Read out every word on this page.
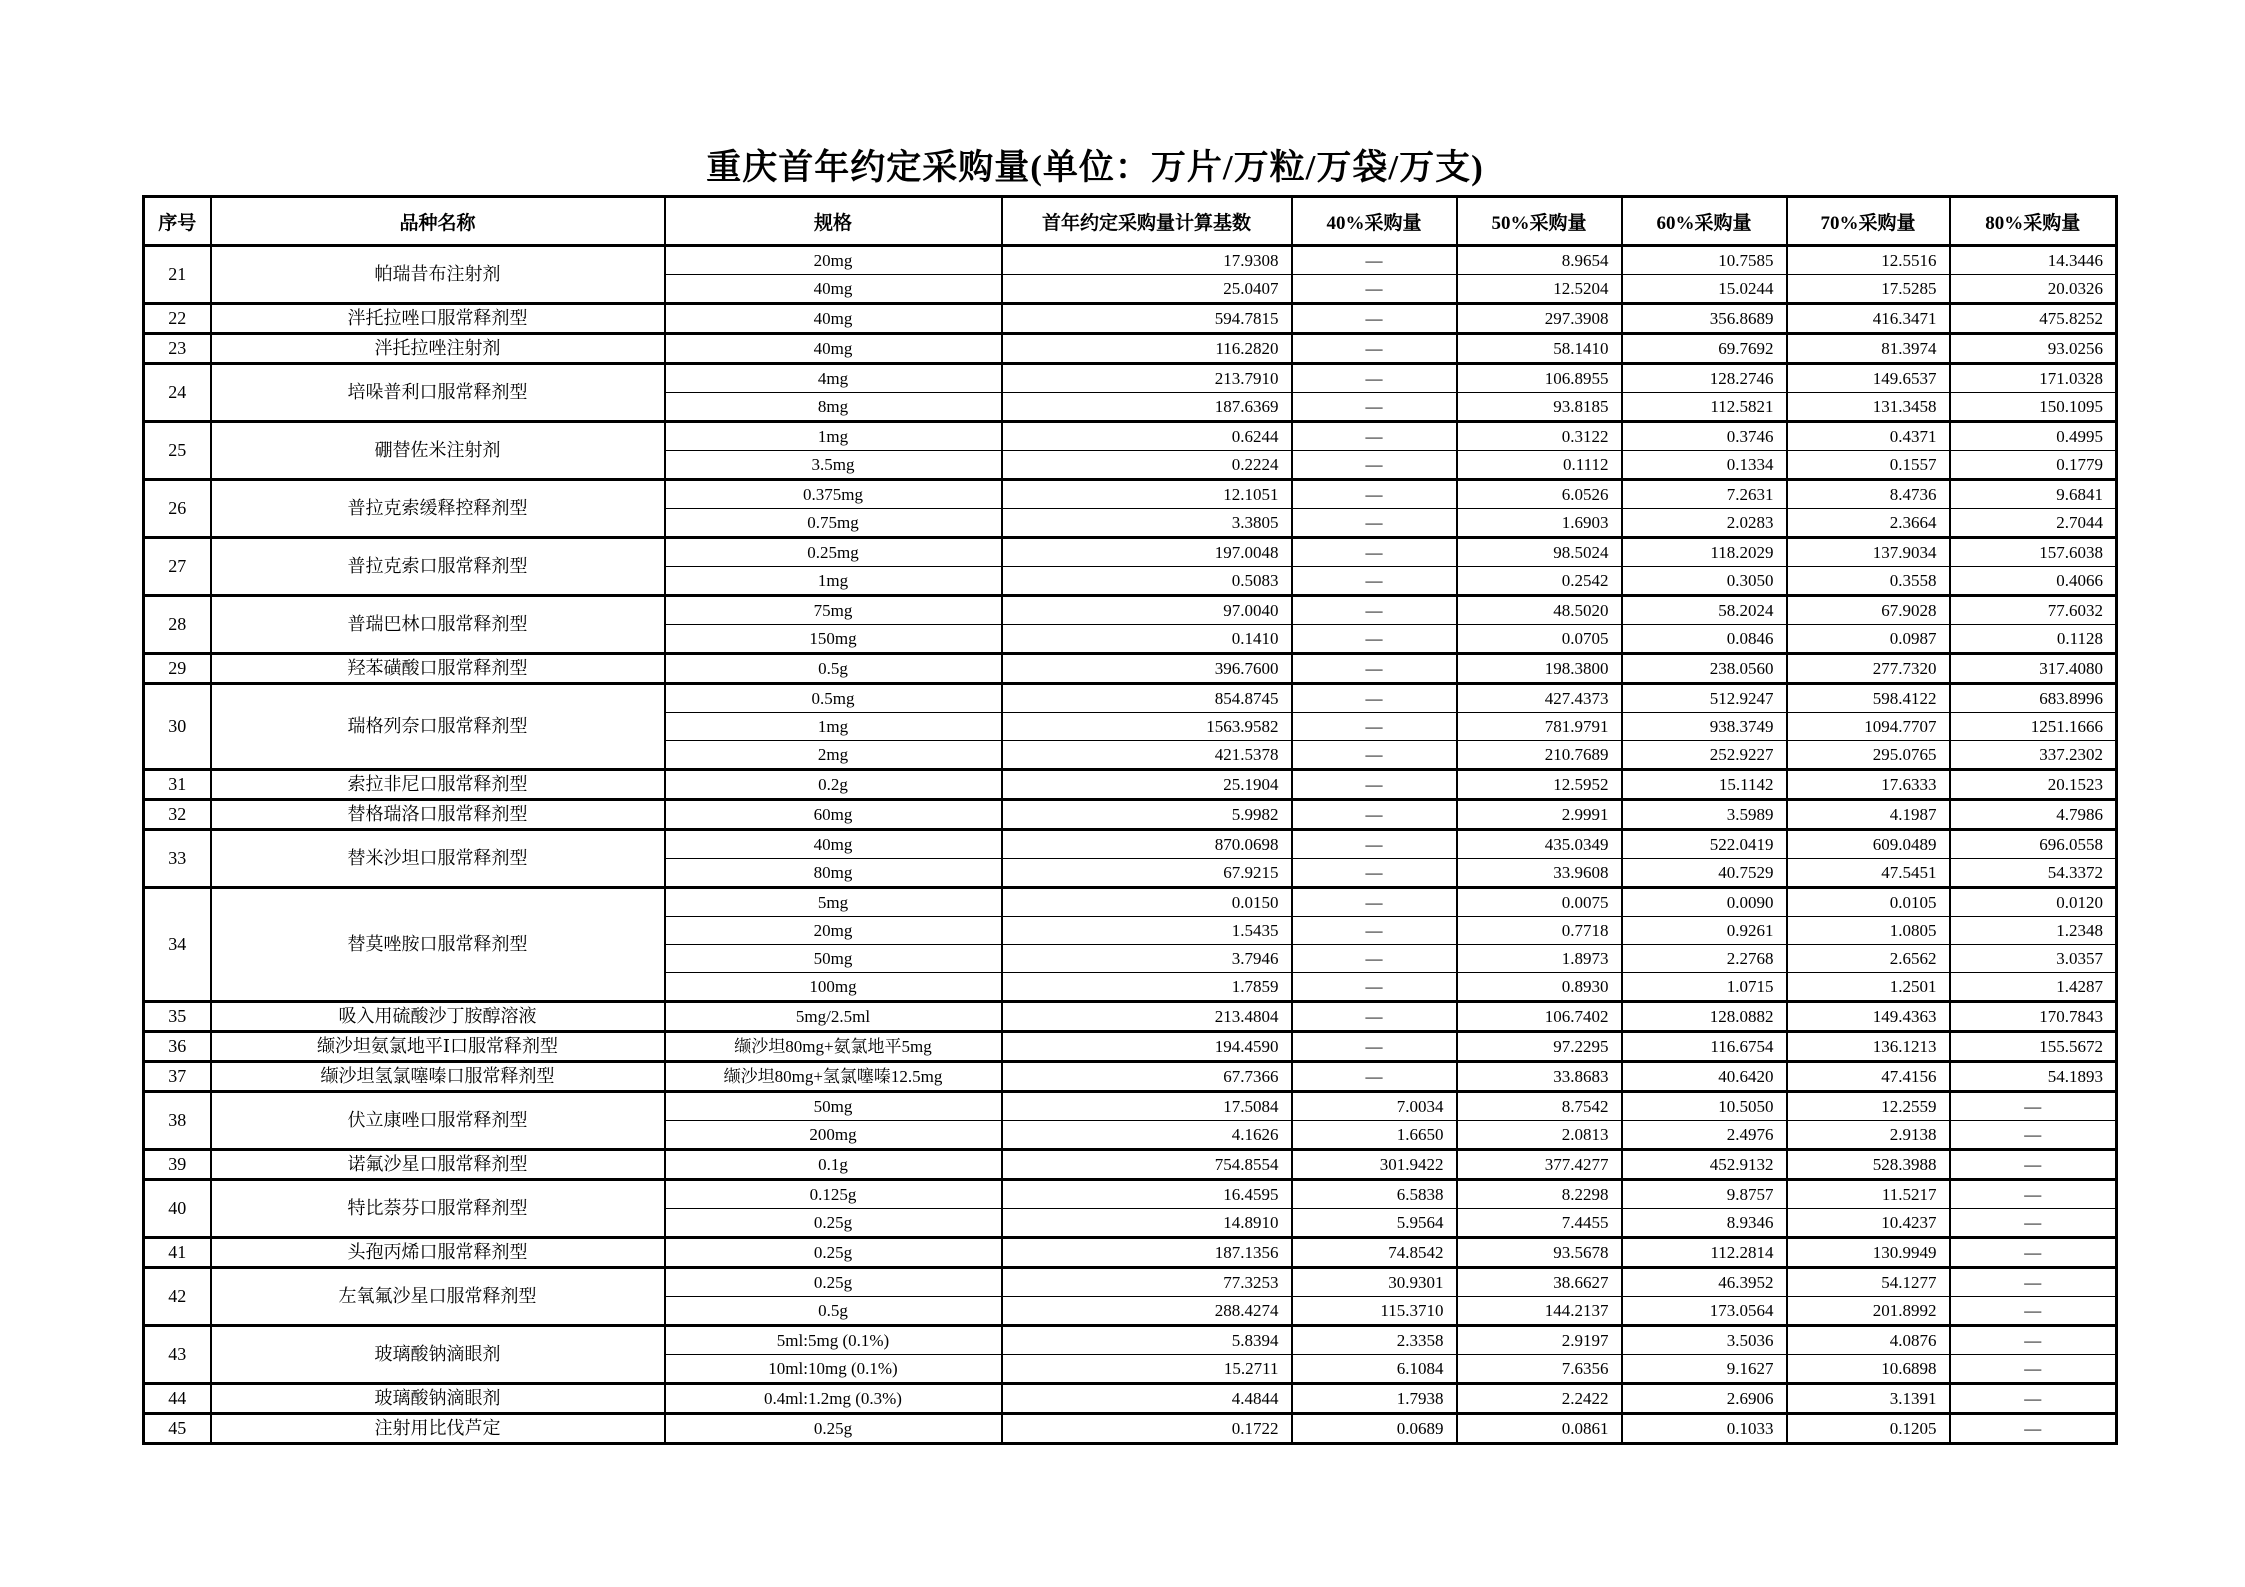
重庆首年约定采购量(单位：万片/万粒/万袋/万支)
序号	品种名称	规格	首年约定采购量计算基数	40%采购量	50%采购量	60%采购量	70%采购量	80%采购量
21	帕瑞昔布注射剂	20mg	17.9308	—	8.9654	10.7585	12.5516	14.3446
		40mg	25.0407	—	12.5204	15.0244	17.5285	20.0326
22	泮托拉唑口服常释剂型	40mg	594.7815	—	297.3908	356.8689	416.3471	475.8252
23	泮托拉唑注射剂	40mg	116.2820	—	58.1410	69.7692	81.3974	93.0256
24	培哚普利口服常释剂型	4mg	213.7910	—	106.8955	128.2746	149.6537	171.0328
		8mg	187.6369	—	93.8185	112.5821	131.3458	150.1095
25	硼替佐米注射剂	1mg	0.6244	—	0.3122	0.3746	0.4371	0.4995
		3.5mg	0.2224	—	0.1112	0.1334	0.1557	0.1779
26	普拉克索缓释控释剂型	0.375mg	12.1051	—	6.0526	7.2631	8.4736	9.6841
		0.75mg	3.3805	—	1.6903	2.0283	2.3664	2.7044
27	普拉克索口服常释剂型	0.25mg	197.0048	—	98.5024	118.2029	137.9034	157.6038
		1mg	0.5083	—	0.2542	0.3050	0.3558	0.4066
28	普瑞巴林口服常释剂型	75mg	97.0040	—	48.5020	58.2024	67.9028	77.6032
		150mg	0.1410	—	0.0705	0.0846	0.0987	0.1128
29	羟苯磺酸口服常释剂型	0.5g	396.7600	—	198.3800	238.0560	277.7320	317.4080
30	瑞格列奈口服常释剂型	0.5mg	854.8745	—	427.4373	512.9247	598.4122	683.8996
		1mg	1563.9582	—	781.9791	938.3749	1094.7707	1251.1666
		2mg	421.5378	—	210.7689	252.9227	295.0765	337.2302
31	索拉非尼口服常释剂型	0.2g	25.1904	—	12.5952	15.1142	17.6333	20.1523
32	替格瑞洛口服常释剂型	60mg	5.9982	—	2.9991	3.5989	4.1987	4.7986
33	替米沙坦口服常释剂型	40mg	870.0698	—	435.0349	522.0419	609.0489	696.0558
		80mg	67.9215	—	33.9608	40.7529	47.5451	54.3372
34	替莫唑胺口服常释剂型	5mg	0.0150	—	0.0075	0.0090	0.0105	0.0120
		20mg	1.5435	—	0.7718	0.9261	1.0805	1.2348
		50mg	3.7946	—	1.8973	2.2768	2.6562	3.0357
		100mg	1.7859	—	0.8930	1.0715	1.2501	1.4287
35	吸入用硫酸沙丁胺醇溶液	5mg/2.5ml	213.4804	—	106.7402	128.0882	149.4363	170.7843
36	缬沙坦氨氯地平Ⅰ口服常释剂型	缬沙坦80mg+氨氯地平5mg	194.4590	—	97.2295	116.6754	136.1213	155.5672
37	缬沙坦氢氯噻嗪口服常释剂型	缬沙坦80mg+氢氯噻嗪12.5mg	67.7366	—	33.8683	40.6420	47.4156	54.1893
38	伏立康唑口服常释剂型	50mg	17.5084	7.0034	8.7542	10.5050	12.2559	—
		200mg	4.1626	1.6650	2.0813	2.4976	2.9138	—
39	诺氟沙星口服常释剂型	0.1g	754.8554	301.9422	377.4277	452.9132	528.3988	—
40	特比萘芬口服常释剂型	0.125g	16.4595	6.5838	8.2298	9.8757	11.5217	—
		0.25g	14.8910	5.9564	7.4455	8.9346	10.4237	—
41	头孢丙烯口服常释剂型	0.25g	187.1356	74.8542	93.5678	112.2814	130.9949	—
42	左氧氟沙星口服常释剂型	0.25g	77.3253	30.9301	38.6627	46.3952	54.1277	—
		0.5g	288.4274	115.3710	144.2137	173.0564	201.8992	—
43	玻璃酸钠滴眼剂	5ml:5mg (0.1%)	5.8394	2.3358	2.9197	3.5036	4.0876	—
		10ml:10mg (0.1%)	15.2711	6.1084	7.6356	9.1627	10.6898	—
44	玻璃酸钠滴眼剂	0.4ml:1.2mg (0.3%)	4.4844	1.7938	2.2422	2.6906	3.1391	—
45	注射用比伐芦定	0.25g	0.1722	0.0689	0.0861	0.1033	0.1205	—
